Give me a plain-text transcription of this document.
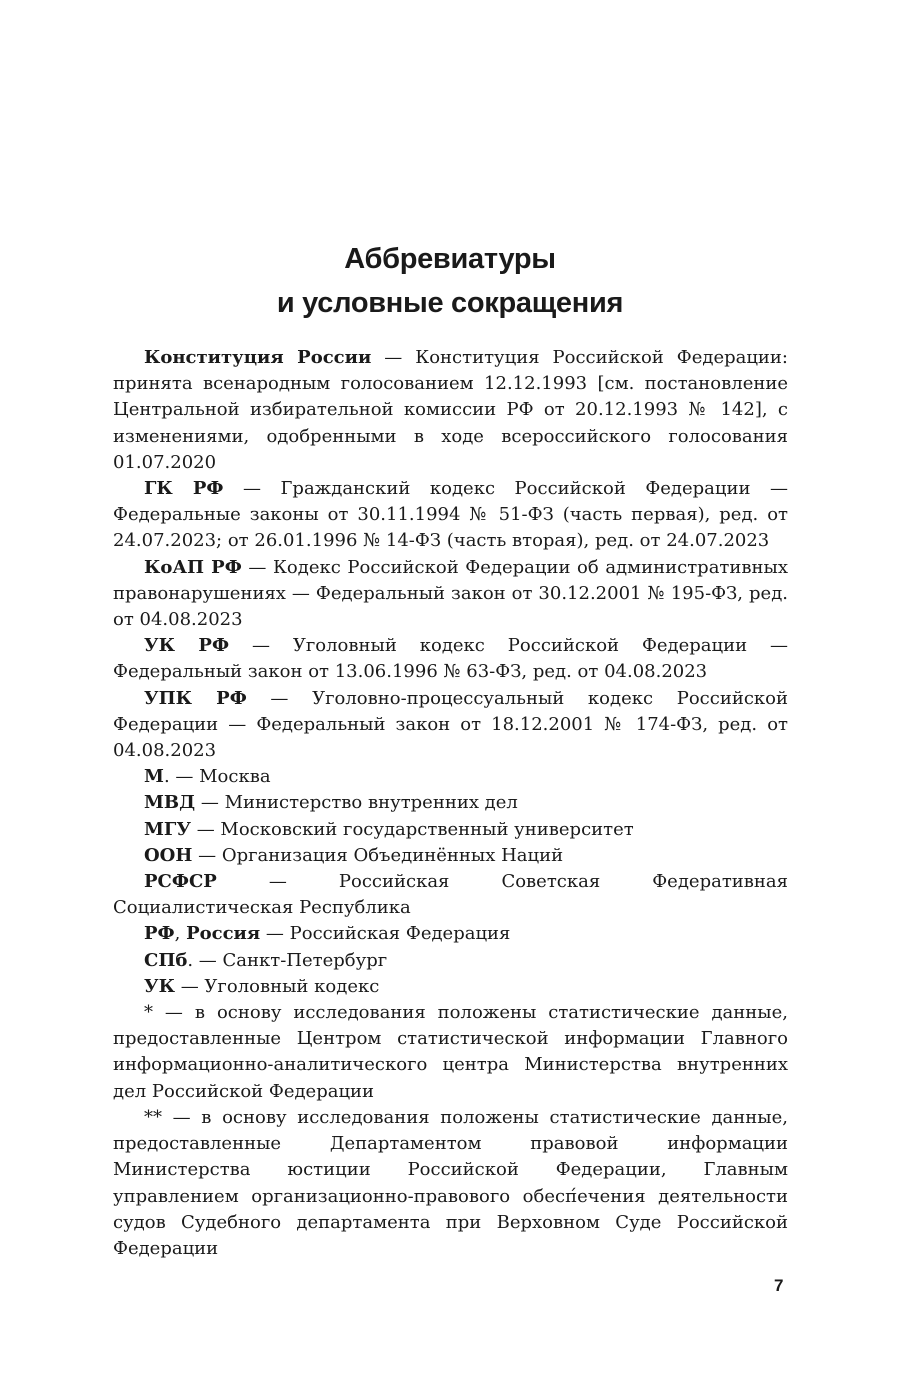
Аббревиатуры
и условные сокращения

Конституция России — Конституция Российской Федерации: принята всенародным голосованием 12.12.1993 [см. постановление Центральной избирательной комиссии РФ от 20.12.1993 № 142], с изменениями, одобренными в ходе всероссийского голосования 01.07.2020

ГК РФ — Гражданский кодекс Российской Федерации — Федеральные законы от 30.11.1994 № 51-ФЗ (часть первая), ред. от 24.07.2023; от 26.01.1996 № 14-ФЗ (часть вторая), ред. от 24.07.2023

КоАП РФ — Кодекс Российской Федерации об административных правонарушениях — Федеральный закон от 30.12.2001 № 195-ФЗ, ред. от 04.08.2023

УК РФ — Уголовный кодекс Российской Федерации — Федеральный закон от 13.06.1996 № 63-ФЗ, ред. от 04.08.2023

УПК РФ — Уголовно-процессуальный кодекс Российской Федерации — Федеральный закон от 18.12.2001 № 174-ФЗ, ред. от 04.08.2023

М. — Москва

МВД — Министерство внутренних дел

МГУ — Московский государственный университет

ООН — Организация Объединённых Наций

РСФСР — Российская Советская Федеративная Социалистическая Республика

РФ, Россия — Российская Федерация

СПб. — Санкт-Петербург

УК — Уголовный кодекс

* — в основу исследования положены статистические данные, предоставленные Центром статистической информации Главного информационно-аналитического центра Министерства внутренних дел Российской Федерации

** — в основу исследования положены статистические данные, предоставленные Департаментом правовой информации Министерства юстиции Российской Федерации, Главным управлением организационно-правового обесп́ечения деятельности судов Судебного департамента при Верховном Суде Российской Федерации

7
